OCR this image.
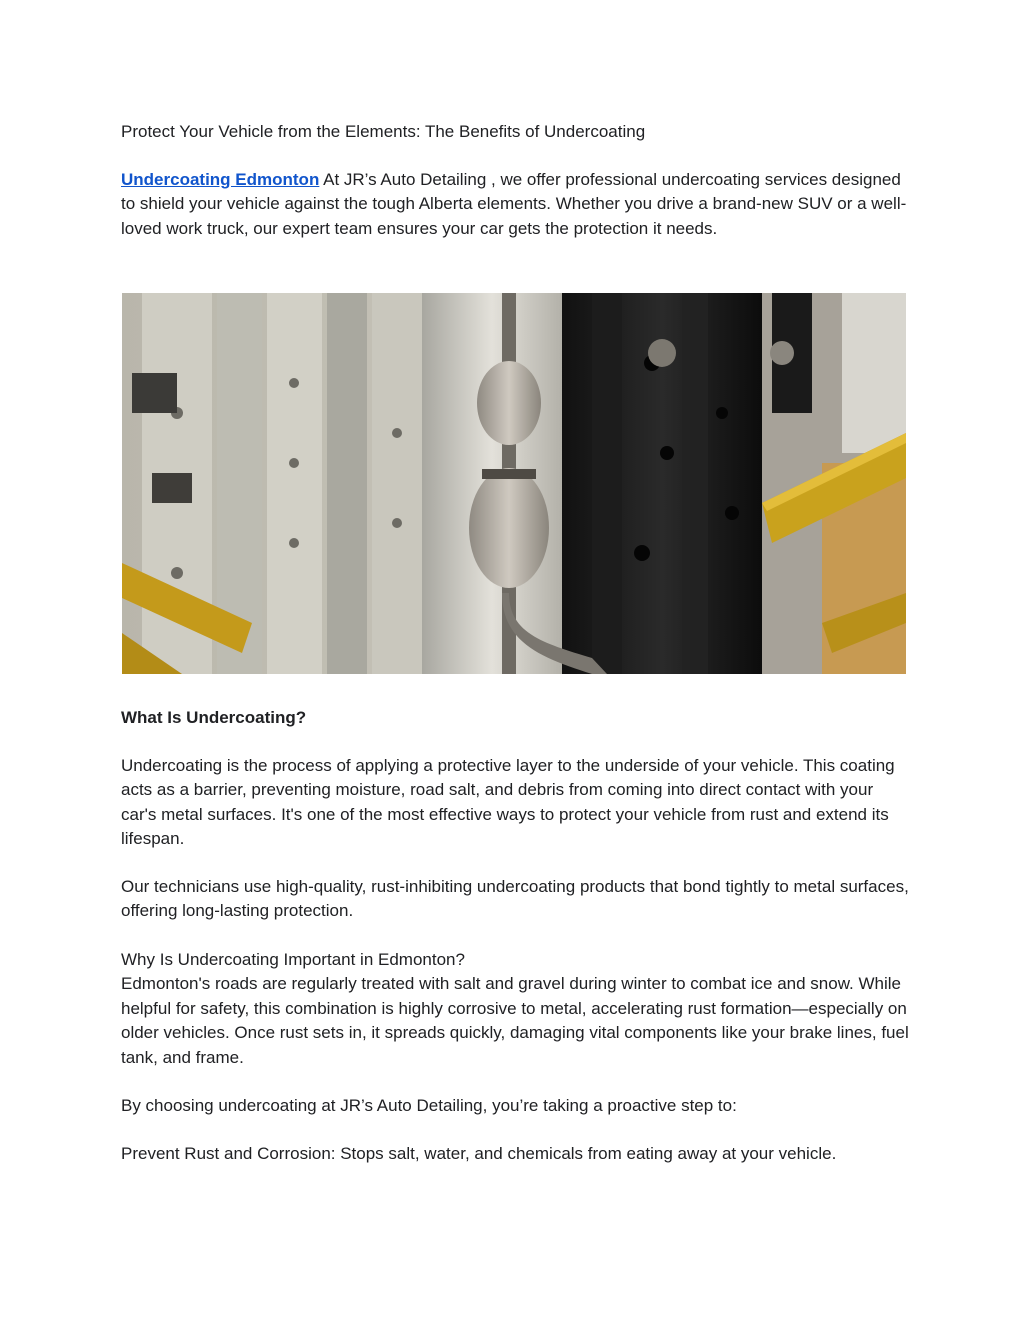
Protect Your Vehicle from the Elements: The Benefits of Undercoating

Undercoating Edmonton At JR’s Auto Detailing , we offer professional undercoating services designed to shield your vehicle against the tough Alberta elements. Whether you drive a brand-new SUV or a well-loved work truck, our expert team ensures your car gets the protection it needs.

What Is Undercoating?

Undercoating is the process of applying a protective layer to the underside of your vehicle. This coating acts as a barrier, preventing moisture, road salt, and debris from coming into direct contact with your car's metal surfaces. It's one of the most effective ways to protect your vehicle from rust and extend its lifespan.

Our technicians use high-quality, rust-inhibiting undercoating products that bond tightly to metal surfaces, offering long-lasting protection.

Why Is Undercoating Important in Edmonton?
Edmonton's roads are regularly treated with salt and gravel during winter to combat ice and snow. While helpful for safety, this combination is highly corrosive to metal, accelerating rust formation—especially on older vehicles. Once rust sets in, it spreads quickly, damaging vital components like your brake lines, fuel tank, and frame.

By choosing undercoating at JR’s Auto Detailing, you’re taking a proactive step to:

Prevent Rust and Corrosion: Stops salt, water, and chemicals from eating away at your vehicle.
